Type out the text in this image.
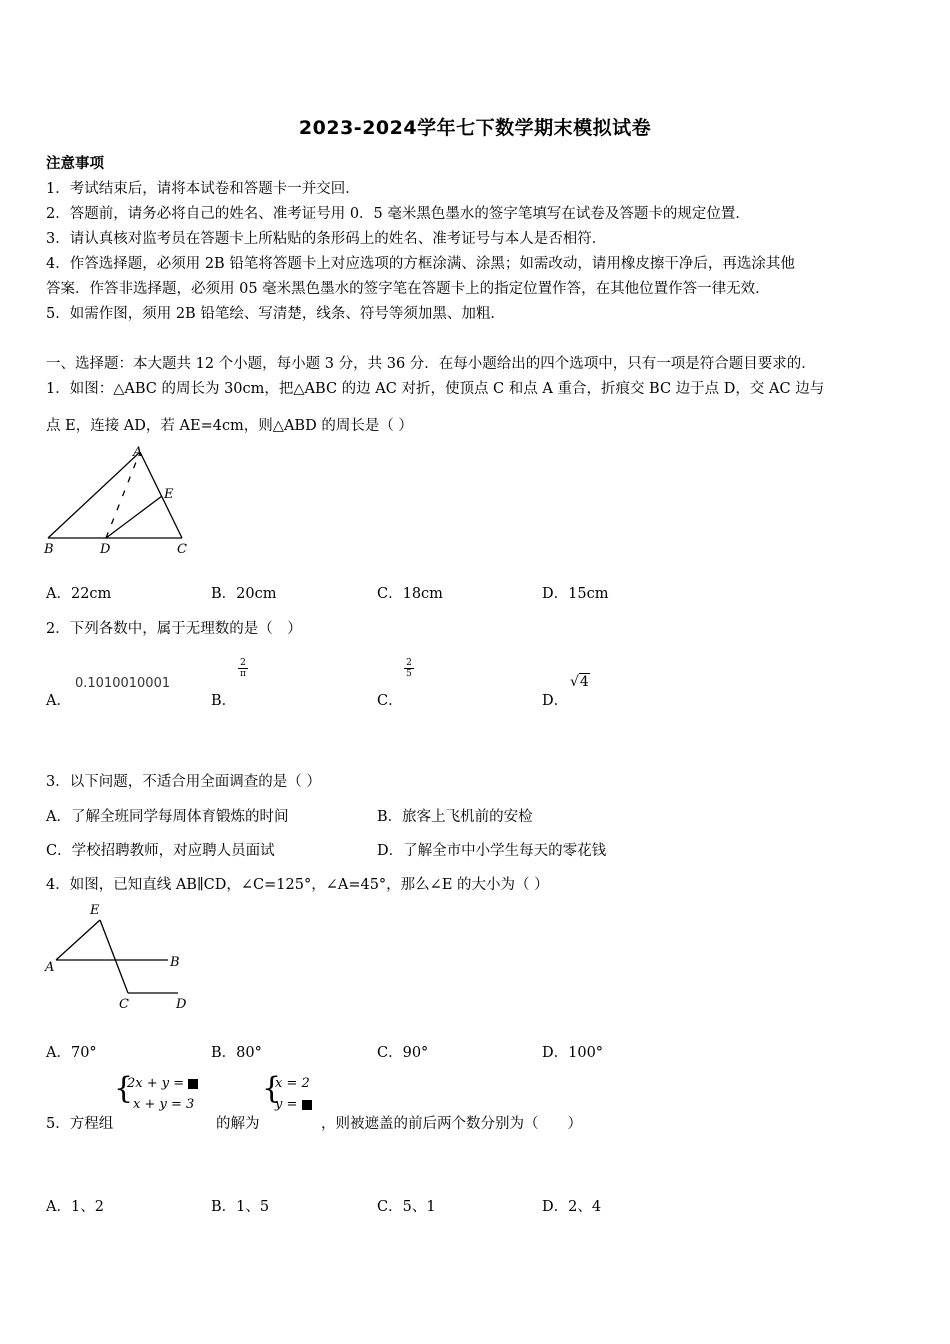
2023-2024学年七下数学期末模拟试卷
注意事项
1．考试结束后，请将本试卷和答题卡一并交回．
2．答题前，请务必将自己的姓名、准考证号用 0．5 毫米黑色墨水的签字笔填写在试卷及答题卡的规定位置．
3．请认真核对监考员在答题卡上所粘贴的条形码上的姓名、准考证号与本人是否相符．
4．作答选择题，必须用 2B 铅笔将答题卡上对应选项的方框涂满、涂黑；如需改动，请用橡皮擦干净后，再选涂其他
答案．作答非选择题，必须用 05 毫米黑色墨水的签字笔在答题卡上的指定位置作答，在其他位置作答一律无效．
5．如需作图，须用 2B 铅笔绘、写清楚，线条、符号等须加黑、加粗．
一、选择题：本大题共 12 个小题，每小题 3 分，共 36 分．在每小题给出的四个选项中，只有一项是符合题目要求的．
1．如图：△ABC 的周长为 30cm，把△ABC 的边 AC 对折，使顶点 C 和点 A 重合，折痕交 BC 边于点 D，交 AC 边与
点 E，连接 AD，若 AE=4cm，则△ABD 的周长是（ ）
A
E
B	D	C
A．22cm	B．20cm	C．18cm	D．15cm
2．下列各数中，属于无理数的是（　）
A．
0.1010010001
B．
$\frac{2}{\pi}$
C．
$\frac{2}{5}$
D．
√4
3．以下问题，不适合用全面调查的是（ ）
A．了解全班同学每周体育锻炼的时间	B．旅客上飞机前的安检
C．学校招聘教师，对应聘人员面试	D．了解全市中小学生每天的零花钱
4．如图，已知直线 AB∥CD，∠C=125°，∠A=45°，那么∠E 的大小为（ ）
E
A	B
C	D
A．70°	B．80°	C．90°	D．100°
5．方程组
{
2x + y =
x + y = 3
的解为
{
x = 2
y =
，则被遮盖的前后两个数分别为（　　）
A．1、2	B．1、5	C．5、1	D．2、4
